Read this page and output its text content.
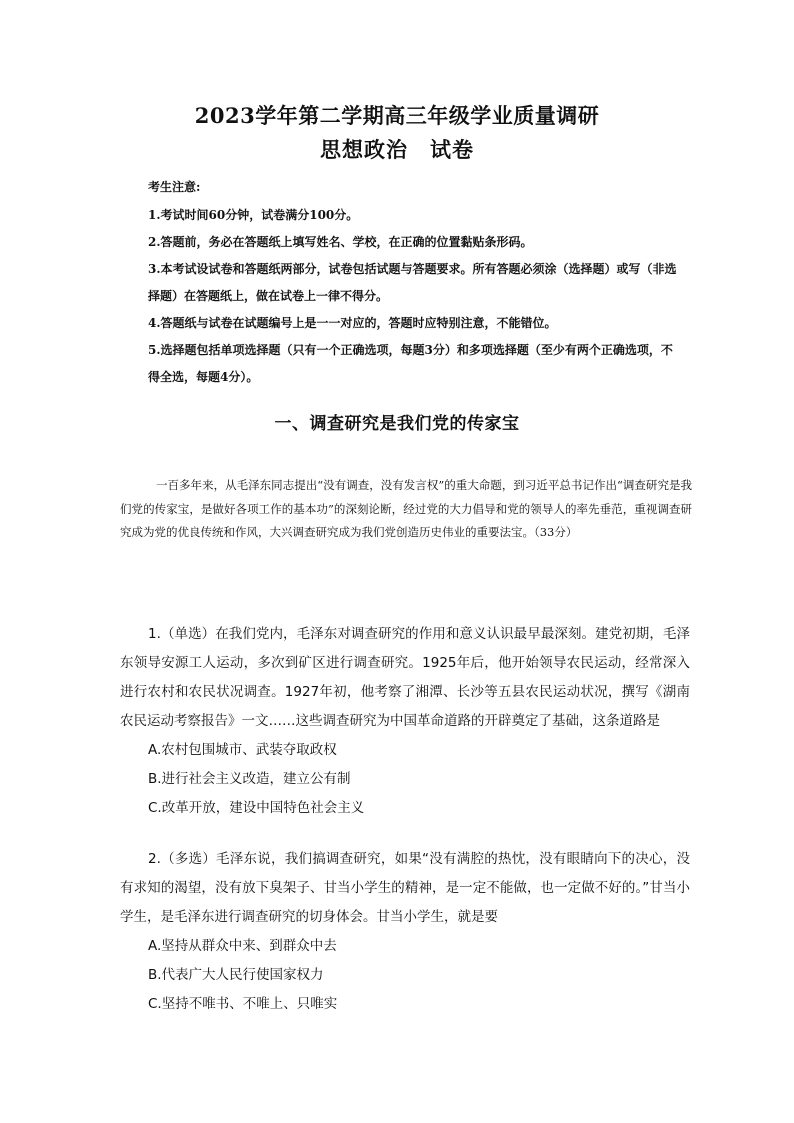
2023学年第二学期高三年级学业质量调研
思想政治 试卷

考生注意:

1.考试时间60分钟，试卷满分100分。

2.答题前，务必在答题纸上填写姓名、学校，在正确的位置黏贴条形码。

3.本考试设试卷和答题纸两部分，试卷包括试题与答题要求。所有答题必须涂（选择题）或写（非选择题）在答题纸上，做在试卷上一律不得分。

4.答题纸与试卷在试题编号上是一一对应的，答题时应特别注意，不能错位。

5.选择题包括单项选择题（只有一个正确选项，每题3分）和多项选择题（至少有两个正确选项，不得全选，每题4分）。

一、调查研究是我们党的传家宝

一百多年来，从毛泽东同志提出“没有调查，没有发言权”的重大命题，到习近平总书记作出“调查研究是我们党的传家宝，是做好各项工作的基本功”的深刻论断，经过党的大力倡导和党的领导人的率先垂范，重视调查研究成为党的优良传统和作风，大兴调查研究成为我们党创造历史伟业的重要法宝。（33分）

1.（单选）在我们党内，毛泽东对调查研究的作用和意义认识最早最深刻。建党初期，毛泽东领导安源工人运动，多次到矿区进行调查研究。1925年后，他开始领导农民运动，经常深入进行农村和农民状况调查。1927年初，他考察了湘潭、长沙等五县农民运动状况，撰写《湖南农民运动考察报告》一文……这些调查研究为中国革命道路的开辟奠定了基础，这条道路是

A.农村包围城市、武装夺取政权

B.进行社会主义改造，建立公有制

C.改革开放，建设中国特色社会主义

2.（多选）毛泽东说，我们搞调查研究，如果“没有满腔的热忱，没有眼睛向下的决心，没有求知的渴望，没有放下臭架子、甘当小学生的精神，是一定不能做，也一定做不好的。”甘当小学生，是毛泽东进行调查研究的切身体会。甘当小学生，就是要

A.坚持从群众中来、到群众中去

B.代表广大人民行使国家权力

C.坚持不唯书、不唯上、只唯实
